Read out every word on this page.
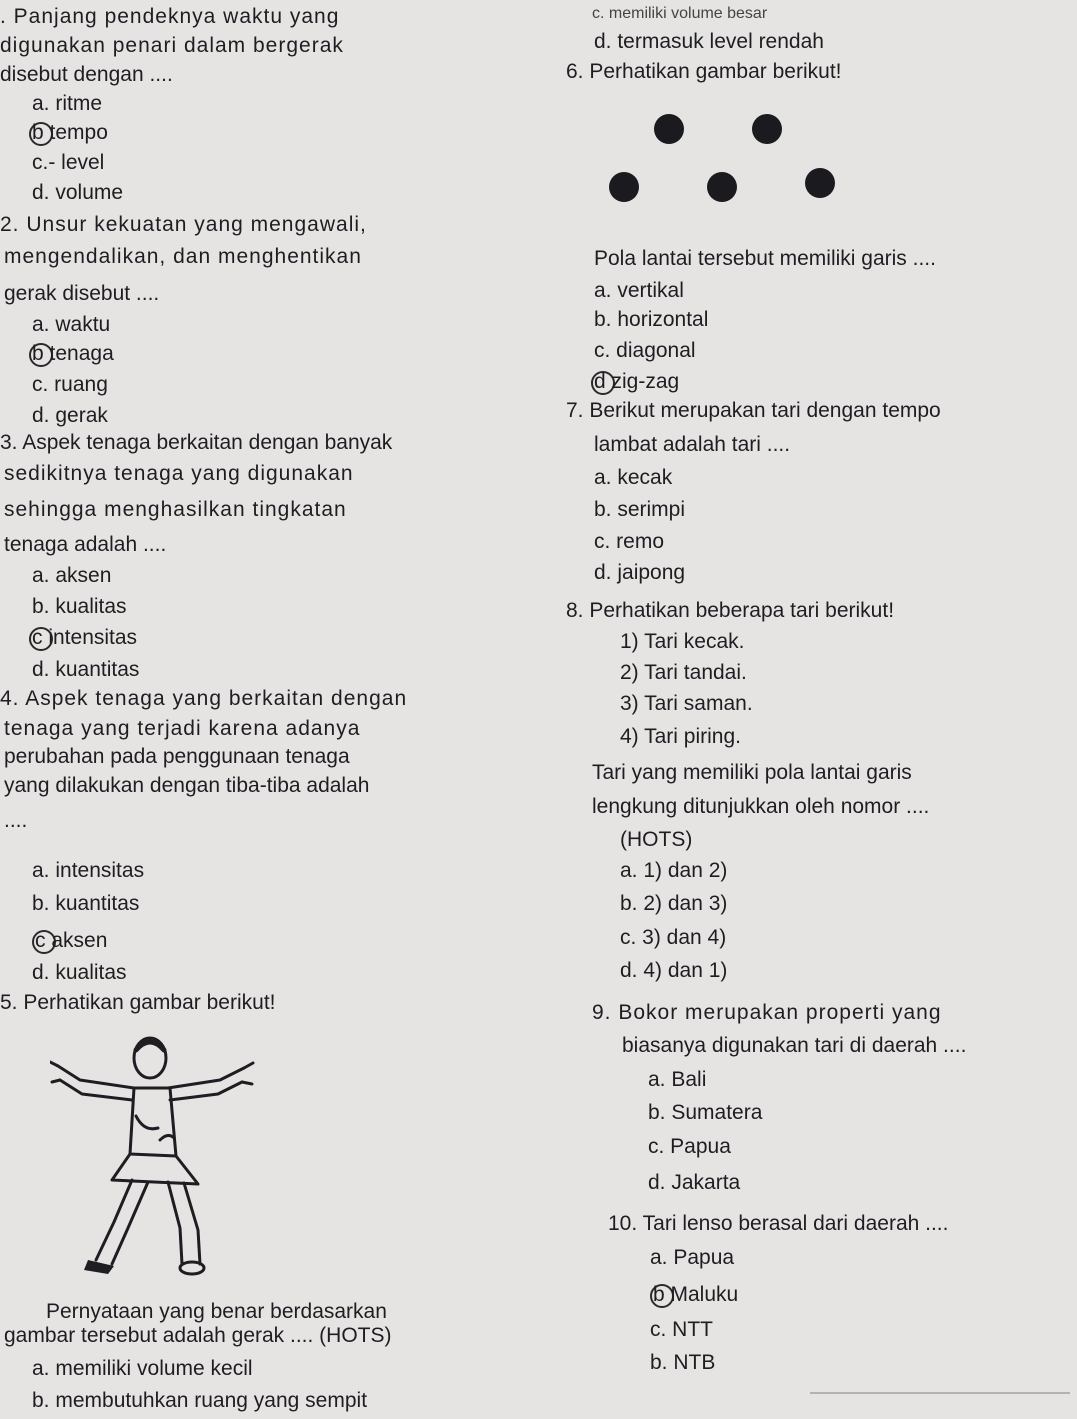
. Panjang pendeknya waktu yang
digunakan penari dalam bergerak
disebut dengan ....
a. ritme
b tempo
c.- level
d. volume
2. Unsur kekuatan yang mengawali,
mengendalikan, dan menghentikan
gerak disebut ....
a. waktu
b tenaga
c. ruang
d. gerak
3. Aspek tenaga berkaitan dengan banyak
sedikitnya tenaga yang digunakan
sehingga menghasilkan tingkatan
tenaga adalah ....
a. aksen
b. kualitas
c intensitas
d. kuantitas
4. Aspek tenaga yang berkaitan dengan
tenaga yang terjadi karena adanya
perubahan pada penggunaan tenaga
yang dilakukan dengan tiba-tiba adalah
....
a. intensitas
b. kuantitas
c aksen
d. kualitas
5. Perhatikan gambar berikut!
Pernyataan yang benar berdasarkan
gambar tersebut adalah gerak .... (HOTS)
a. memiliki volume kecil
b. membutuhkan ruang yang sempit
c. memiliki volume besar
d. termasuk level rendah
6. Perhatikan gambar berikut!
Pola lantai tersebut memiliki garis ....
a. vertikal
b. horizontal
c. diagonal
d zig-zag
7. Berikut merupakan tari dengan tempo
lambat adalah tari ....
a. kecak
b. serimpi
c. remo
d. jaipong
8. Perhatikan beberapa tari berikut!
1) Tari kecak.
2) Tari tandai.
3) Tari saman.
4) Tari piring.
Tari yang memiliki pola lantai garis
lengkung ditunjukkan oleh nomor ....
(HOTS)
a. 1) dan 2)
b. 2) dan 3)
c. 3) dan 4)
d. 4) dan 1)
9. Bokor merupakan properti yang
biasanya digunakan tari di daerah ....
a. Bali
b. Sumatera
c. Papua
d. Jakarta
10. Tari lenso berasal dari daerah ....
a. Papua
b Maluku
c. NTT
b. NTB
